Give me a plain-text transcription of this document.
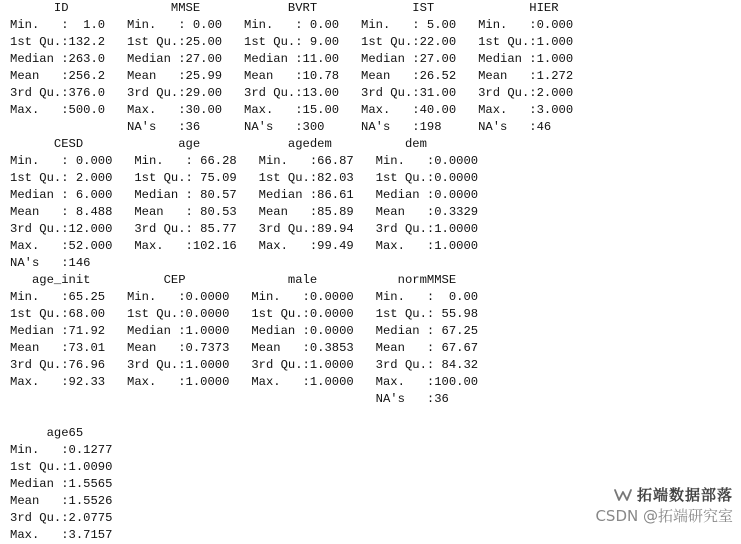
ID              MMSE            BVRT             IST             HIER
Min.   :  1.0   Min.   : 0.00   Min.   : 0.00   Min.   : 5.00   Min.   :0.000
1st Qu.:132.2   1st Qu.:25.00   1st Qu.: 9.00   1st Qu.:22.00   1st Qu.:1.000
Median :263.0   Median :27.00   Median :11.00   Median :27.00   Median :1.000
Mean   :256.2   Mean   :25.99   Mean   :10.78   Mean   :26.52   Mean   :1.272
3rd Qu.:376.0   3rd Qu.:29.00   3rd Qu.:13.00   3rd Qu.:31.00   3rd Qu.:2.000
Max.   :500.0   Max.   :30.00   Max.   :15.00   Max.   :40.00   Max.   :3.000
NA's   :36      NA's   :300     NA's   :198     NA's   :46
CESD             age            agedem          dem
Min.   : 0.000   Min.   : 66.28   Min.   :66.87   Min.   :0.0000
1st Qu.: 2.000   1st Qu.: 75.09   1st Qu.:82.03   1st Qu.:0.0000
Median : 6.000   Median : 80.57   Median :86.61   Median :0.0000
Mean   : 8.488   Mean   : 80.53   Mean   :85.89   Mean   :0.3329
3rd Qu.:12.000   3rd Qu.: 85.77   3rd Qu.:89.94   3rd Qu.:1.0000
Max.   :52.000   Max.   :102.16   Max.   :99.49   Max.   :1.0000
NA's   :146
age_init          CEP              male           normMMSE
Min.   :65.25   Min.   :0.0000   Min.   :0.0000   Min.   :  0.00
1st Qu.:68.00   1st Qu.:0.0000   1st Qu.:0.0000   1st Qu.: 55.98
Median :71.92   Median :1.0000   Median :0.0000   Median : 67.25
Mean   :73.01   Mean   :0.7373   Mean   :0.3853   Mean   : 67.67
3rd Qu.:76.96   3rd Qu.:1.0000   3rd Qu.:1.0000   3rd Qu.: 84.32
Max.   :92.33   Max.   :1.0000   Max.   :1.0000   Max.   :100.00
NA's   :36
age65
Min.   :0.1277
1st Qu.:1.0090
Median :1.5565
Mean   :1.5526
3rd Qu.:2.0775
Max.   :3.7157
拓端数据部落
CSDN @拓端研究室
